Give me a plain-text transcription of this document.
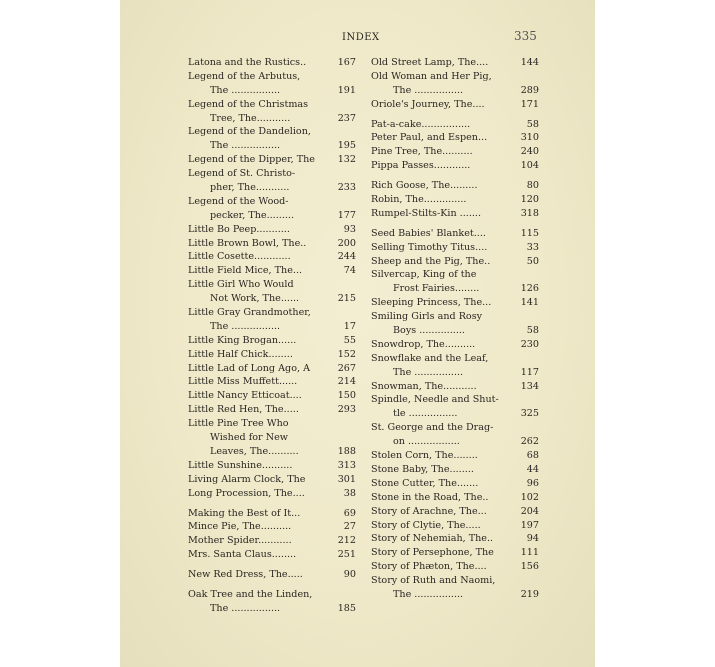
INDEX	335
Latona and the Rustics..	167
Legend of the Arbutus,
The ................	191
Legend of the Christmas
Tree, The...........	237
Legend of the Dandelion,
The ................	195
Legend of the Dipper, The	132
Legend of St. Christo-
pher, The...........	233
Legend of the Wood-
pecker, The.........	177
Little Bo Peep...........	93
Little Brown Bowl, The..	200
Little Cosette............	244
Little Field Mice, The...	74
Little Girl Who Would
Not Work, The......	215
Little Gray Grandmother,
The ................	17
Little King Brogan......	55
Little Half Chick........	152
Little Lad of Long Ago, A	267
Little Miss Muffett......	214
Little Nancy Etticoat....	150
Little Red Hen, The.....	293
Little Pine Tree Who
Wished for New
Leaves, The..........	188
Little Sunshine..........	313
Living Alarm Clock, The	301
Long Procession, The....	38
Making the Best of It...	69
Mince Pie, The..........	27
Mother Spider...........	212
Mrs. Santa Claus........	251
New Red Dress, The.....	90
Oak Tree and the Linden,
The ................	185
Old Street Lamp, The....	144
Old Woman and Her Pig,
The ................	289
Oriole's Journey, The....	171
Pat-a-cake................	58
Peter Paul, and Espen...	310
Pine Tree, The..........	240
Pippa Passes............	104
Rich Goose, The.........	80
Robin, The..............	120
Rumpel-Stilts-Kin .......	318
Seed Babies' Blanket....	115
Selling Timothy Titus....	33
Sheep and the Pig, The..	50
Silvercap, King of the
Frost Fairies........	126
Sleeping Princess, The...	141
Smiling Girls and Rosy
Boys ...............	58
Snowdrop, The..........	230
Snowflake and the Leaf,
The ................	117
Snowman, The...........	134
Spindle, Needle and Shut-
tle ................	325
St. George and the Drag-
on .................	262
Stolen Corn, The........	68
Stone Baby, The........	44
Stone Cutter, The.......	96
Stone in the Road, The..	102
Story of Arachne, The...	204
Story of Clytie, The.....	197
Story of Nehemiah, The..	94
Story of Persephone, The	111
Story of Phæton, The....	156
Story of Ruth and Naomi,
The ................	219
